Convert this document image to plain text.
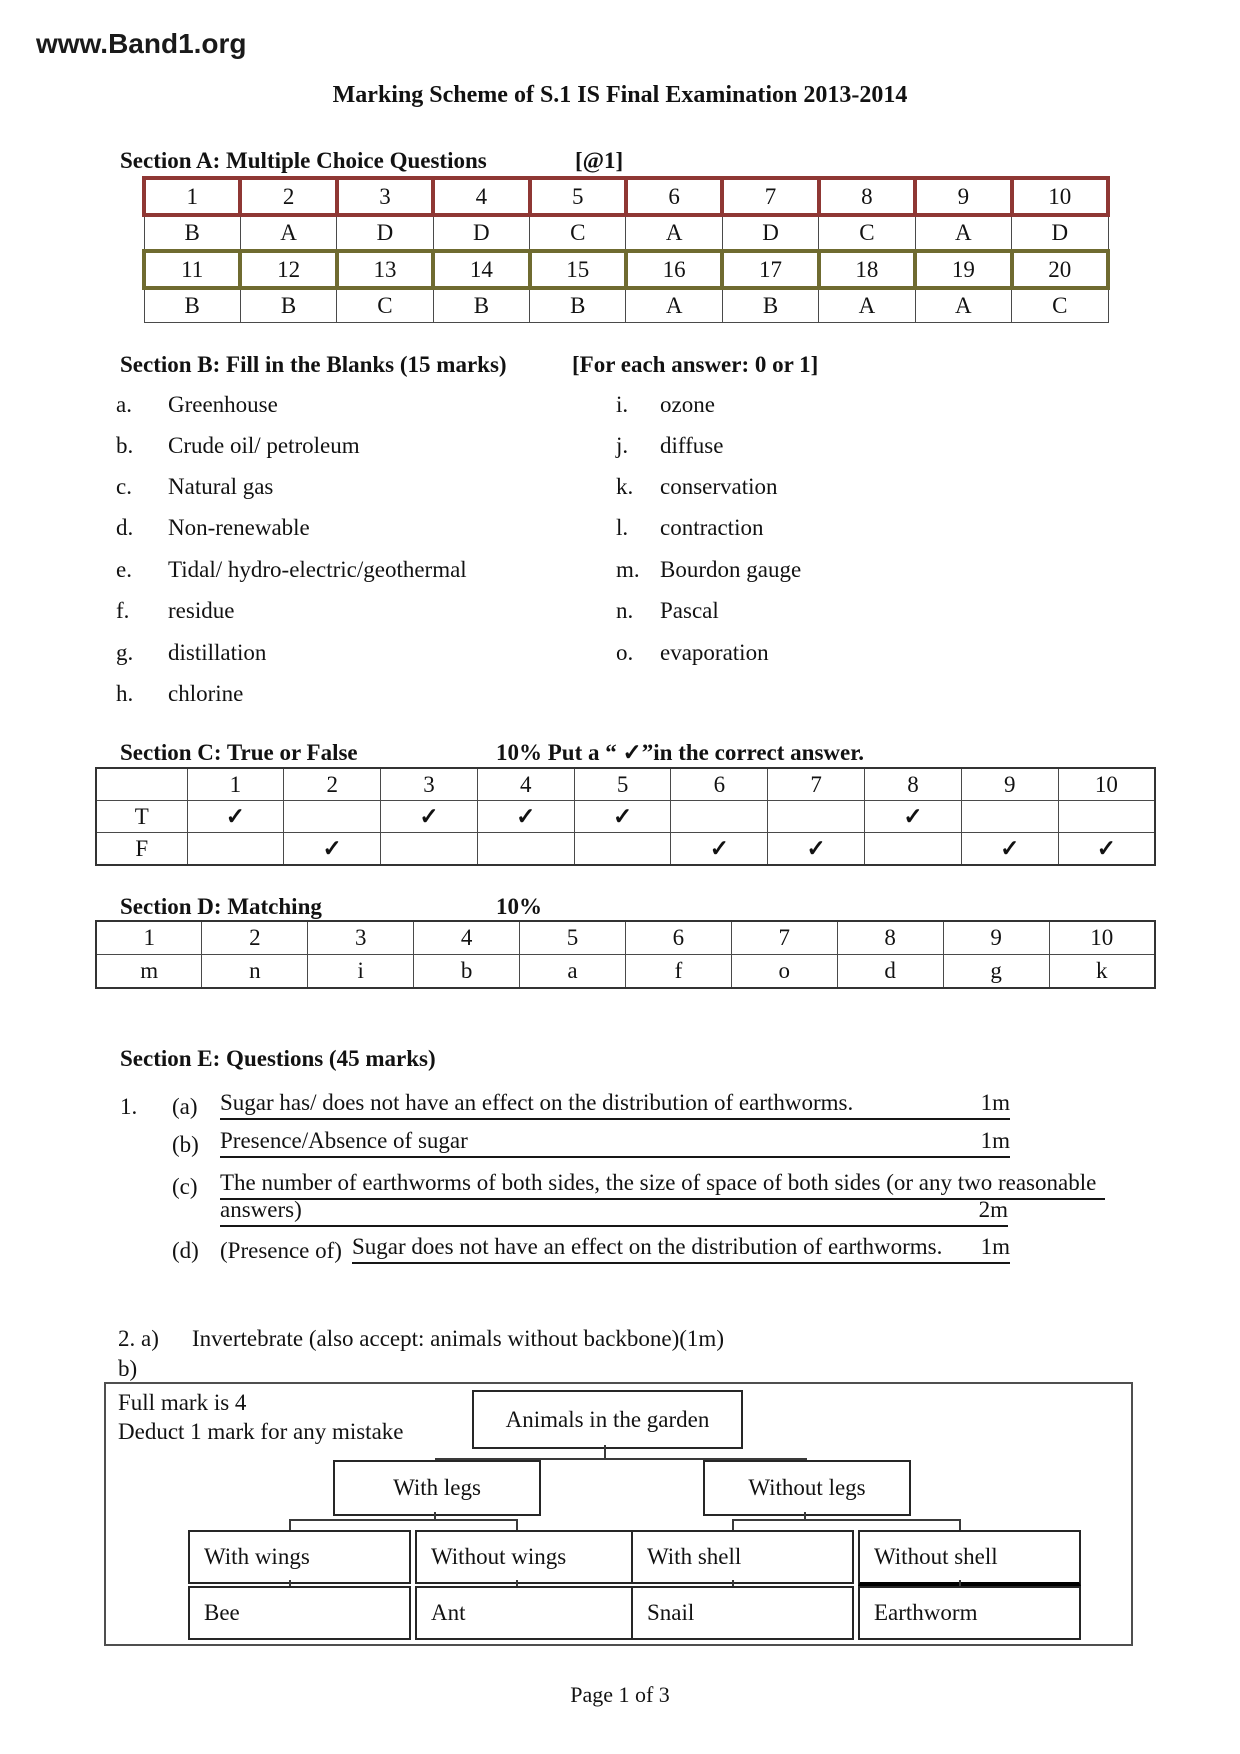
www.Band1.org
Marking Scheme of S.1 IS Final Examination 2013-2014
Section A: Multiple Choice Questions	[@1]
1	2	3	4	5	6	7	8	9	10
B	A	D	D	C	A	D	C	A	D
11	12	13	14	15	16	17	18	19	20
B	B	C	B	B	A	B	A	A	C
Section B: Fill in the Blanks (15 marks)	[For each answer: 0 or 1]
a.	Greenhouse
b.	Crude oil/ petroleum
c.	Natural gas
d.	Non-renewable
e.	Tidal/ hydro-electric/geothermal
f.	residue
g.	distillation
h.	chlorine
i.	ozone
j.	diffuse
k.	conservation
l.	contraction
m. Bourdon gauge
n.	Pascal
o.	evaporation
Section C: True or False	10% Put a “ ✓”in the correct answer.
	1	2	3	4	5	6	7	8	9	10
T	✓		✓	✓	✓			✓		
F		✓				✓	✓		✓	✓
Section D: Matching	10%
1	2	3	4	5	6	7	8	9	10
m	n	i	b	a	f	o	d	g	k
Section E: Questions (45 marks)
1.	(a) Sugar has/ does not have an effect on the distribution of earthworms.	1m
(b) Presence/Absence of sugar	1m
(c) The number of earthworms of both sides, the size of space of both sides (or any two reasonable
answers)	2m
(d) (Presence of) Sugar does not have an effect on the distribution of earthworms. 1m
2. a)	Invertebrate (also accept: animals without backbone)(1m)
b)
Full mark is 4
Deduct 1 mark for any mistake	Animals in the garden
With legs	Without legs
With wings	Without wings	With shell	Without shell
Bee	Ant	Snail	Earthworm
Page 1 of 3
